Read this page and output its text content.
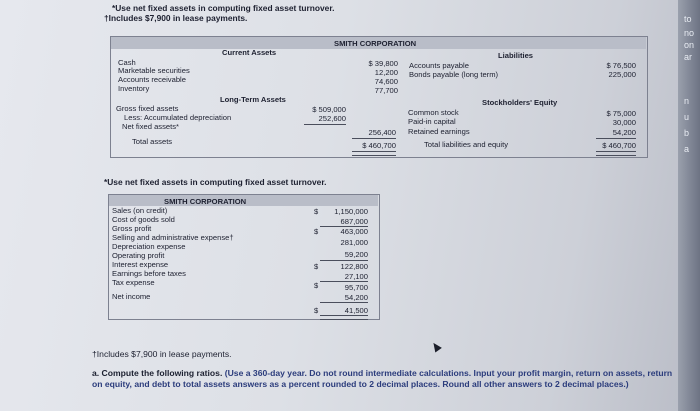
to
no
on
ar
n
u
b
a
*Use net fixed assets in computing fixed asset turnover.
†Includes $7,900 in lease payments.
SMITH CORPORATION
Current Assets	Liabilities
Cash
Marketable securities
Accounts receivable
Inventory
$ 39,800
12,200
74,600
77,700
Accounts payable
Bonds payable (long term)
$ 76,500
225,000
Long-Term Assets	Stockholders' Equity
Gross fixed assets
Less: Accumulated depreciation
Net fixed assets*
Total assets
$ 509,000
252,600
256,400
$ 460,700
Common stock
Paid-in capital
Retained earnings
Total liabilities and equity
$ 75,000
30,000
54,200
$ 460,700
*Use net fixed assets in computing fixed asset turnover.
SMITH CORPORATION
Sales (on credit)
Cost of goods sold
Gross profit
Selling and administrative expense†
Depreciation expense
Operating profit
Interest expense
Earnings before taxes
Tax expense
Net income
$
$
$
$
$
1,150,000
687,000
463,000
281,000
59,200
122,800
27,100
95,700
54,200
41,500
†Includes $7,900 in lease payments.
a. Compute the following ratios. (Use a 360-day year. Do not round intermediate calculations. Input your profit margin, return on assets, return on equity, and debt to total assets answers as a percent rounded to 2 decimal places. Round all other answers to 2 decimal places.)
